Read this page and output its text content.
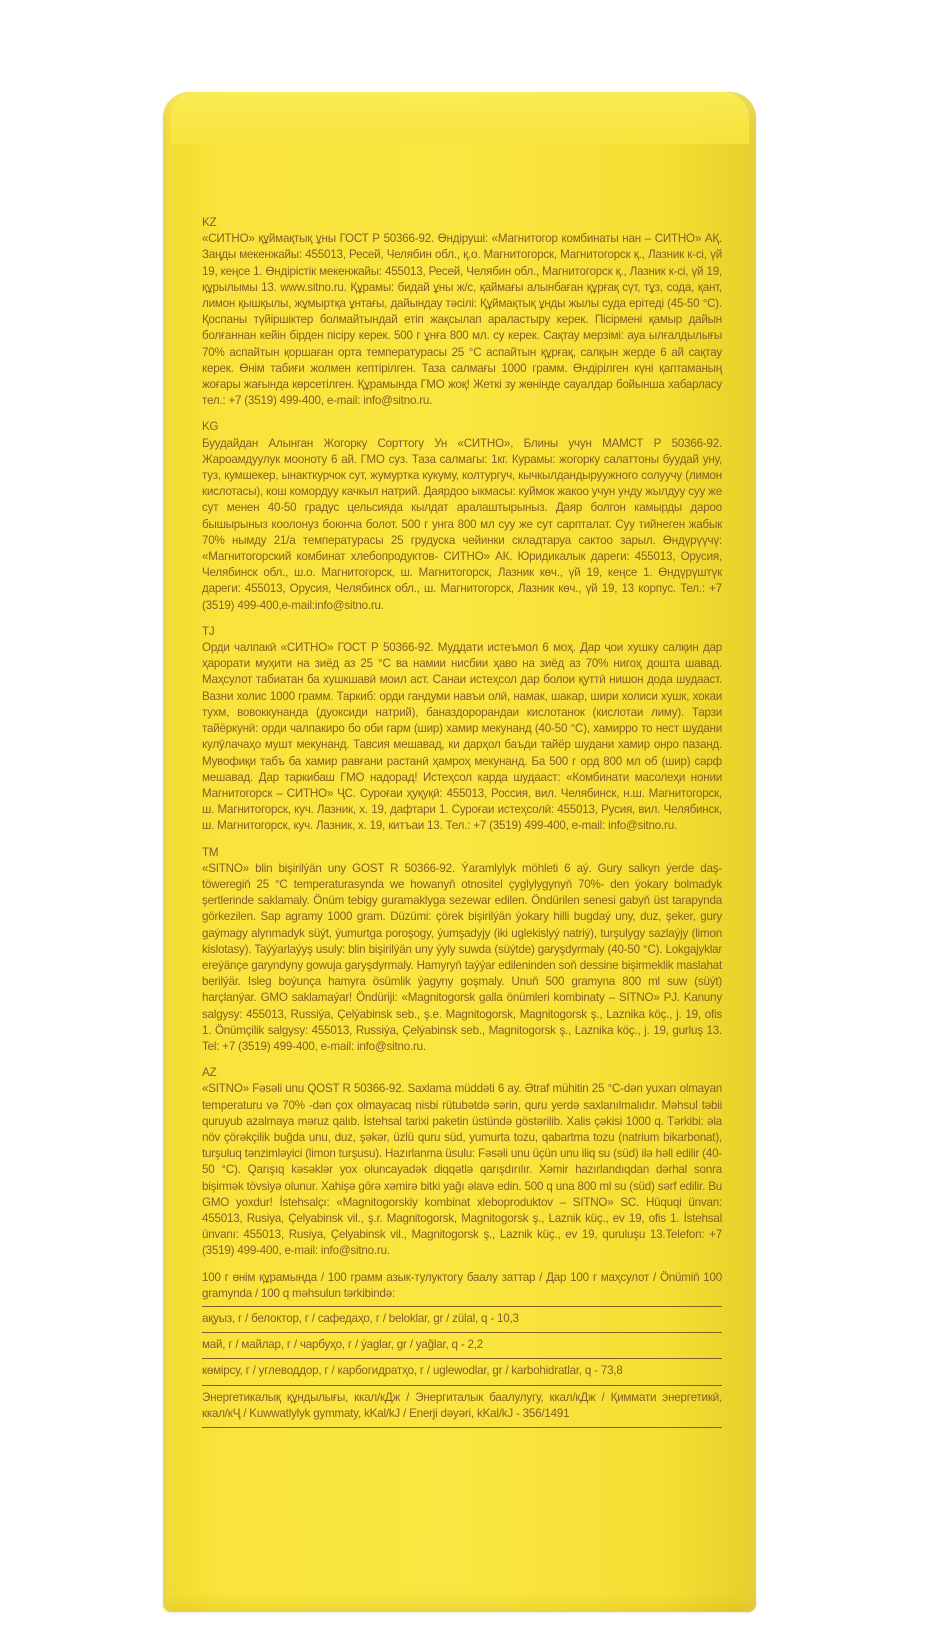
KZ
«СИТНО» құймақтық ұны ГОСТ Р 50366-92. Өндіруші: «Магнитогор комбинаты нан – СИТНО» АҚ. Заңды мекенжайы: 455013, Ресей, Челябин обл., қ.о. Магнитогорск, Магнитогорск қ., Лазник к-сі, үй 19, кеңсе 1. Өндірістік мекенжайы: 455013, Ресей, Челябин обл., Магнитогорск қ., Лазник к-сі, үй 19, құрылымы 13. www.sitno.ru. Құрамы: бидай ұны ж/с, қаймағы алынбаған құрғақ сүт, тұз, сода, қант, лимон қышқылы, жұмыртқа ұнтағы, дайындау тәсілі: Құймақтық ұнды жылы суда ерітеді (45-50 °С). Қоспаны түйіршіктер болмайтындай етіп жақсылап араластыру керек. Пісірмені қамыр дайын болғаннан кейін бірден пісіру керек. 500 г ұнға 800 мл. су керек. Сақтау мерзімі: ауа ылғалдылығы 70% аспайтын қоршаған орта температурасы 25 °С аспайтын құрғақ, салқын жерде 6 ай сақтау керек. Өнім табиғи жолмен кептірілген. Таза салмағы 1000 грамм. Өндірілген күні қаптаманың жоғары жағында көрсетілген. Құрамында ГМО жоқ! Жеткі зу жөнінде сауалдар бойынша хабарласу тел.: +7 (3519) 499-400, e-mail: info@sitno.ru.
KG
Буудайдан Алынган Жогорку Сорттогу Ун «СИТНО», Блины учун МАМСТ Р 50366-92. Жароамдуулук мооноту 6 ай. ГМО суз. Таза салмагы: 1кг. Курамы: жогорку салаттоны буудай уну, туз, кумшекер, ынакткурчок сут, жумуртка кукуму, колтургуч, кычкылдандыруужного солуучу (лимон кислотасы), кош комордуу качкыл натрий. Даярдоо ыкмасы: куймок жакоо учун унду жылдуу суу же сут менен 40-50 градус цельсияда кылдат аралаштырыныз. Даяр болгон камырды дароо бышырыныз коолонуз боюнча болот. 500 г унга 800 мл суу же сут сарпталат. Суу тийнеген жабык 70% нымду 21/а температурасы 25 грудуска чейинки складтаруа сактоо зарыл. Өндүрүүчү: «Магнитогорский комбинат хлебопродуктов- СИТНО» АК. Юридикалык дареги: 455013, Орусия, Челябинск обл., ш.о. Магнитогорск, ш. Магнитогорск, Лазник көч., үй 19, кеңсе 1. Өндүрүштүк дареги: 455013, Орусия, Челябинск обл., ш. Магнитогорск, Лазник көч., үй 19, 13 корпус. Тел.: +7 (3519) 499-400,e-mail:info@sitno.ru.
TJ
Орди чалпакӣ «СИТНО» ГОСТ Р 50366-92. Муддати истеъмол 6 моҳ. Дар ҷои хушку салқин дар ҳарорати муҳити на зиёд аз 25 °С ва намии нисбии ҳаво на зиёд аз 70% нигоҳ дошта шавад. Маҳсулот табиатан ба хушкшавӣ моил аст. Санаи истеҳсол дар болои қуттӣ нишон дода шудааст. Вазни холис 1000 грамм. Таркиб: орди гандуми навъи олӣ, намак, шакар, шири холиси хушк, хокаи тухм, вовоккунанда (дуоксиди натрий), баназдорорандаи кислотанок (кислотаи лиму). Тарзи тайёркунӣ: орди чалпакиро бо оби гарм (шир) хамир мекунанд (40-50 °С), хамирро то нест шудани кулӯлачаҳо мушт мекунанд. Тавсия мешавад, ки дарҳол баъди тайёр шудани хамир онро пазанд. Мувофиқи табъ ба хамир равғани растанӣ ҳамроҳ мекунанд. Ба 500 г орд 800 мл об (шир) сарф мешавад. Дар таркибаш ГМО надорад! Истеҳсол карда шудааст: «Комбинати масолеҳи нонии Магнитогорск – СИТНО» ҶС. Суроғаи ҳуқуқӣ: 455013, Россия, вил. Челябинск, н.ш. Магнитогорск, ш. Магнитогорск, куч. Лазник, х. 19, дафтари 1. Суроғаи истеҳсолӣ: 455013, Русия, вил. Челябинск, ш. Магнитогорск, куч. Лазник, х. 19, китъаи 13. Тел.: +7 (3519) 499-400, e-mail: info@sitno.ru.
TM
«SITNO» blin bişirilýän uny GOST R 50366-92. Ýaramlylyk möhleti 6 aý. Gury salkyn ýerde daş-töweregiň 25 °C temperaturasynda we howanyň otnositel çyglylygynyň 70%- den ýokary bolmadyk şertlerinde saklamaly. Önüm tebigy guramaklyga sezewar edilen. Öndürilen senesi gabyň üst tarapynda görkezilen. Sap agramy 1000 gram. Düzümi: çörek bişirilýän ýokary hilli bugdaý uny, duz, şeker, gury gaýmagy alynmadyk süýt, ýumurtga poroşogy, ýumşadyjy (iki uglekislyý natriý), turşulygy sazlaýjy (limon kislotasy). Taýýarlaýyş usuly: blin bişirilýän uny ýyly suwda (süýtde) garyşdyrmaly (40-50 °C). Lokgajyklar ereýänçe garyndyny gowuja garyşdyrmaly. Hamyryň taýýar edileninden soň dessine bişirmeklik maslahat berilýär. Isleg boýunça hamyra ösümlik ýagyny goşmaly. Unuň 500 gramyna 800 ml suw (süýt) harçlanýar. GMO saklamaýar! Öndüriji: «Magnitogorsk galla önümleri kombinaty – SITNO» PJ. Kanuny salgysy: 455013, Russiýa, Çelýabinsk seb., ş.e. Magnitogorsk, Magnitogorsk ş., Laznika köç., j. 19, ofis 1. Önümçilik salgysy: 455013, Russiýa, Çelýabinsk seb., Magnitogorsk ş., Laznika köç., j. 19, gurluş 13. Tel: +7 (3519) 499-400, e-mail: info@sitno.ru.
AZ
«SITNO» Fəsəli unu QOST R 50366-92. Saxlama müddəti 6 ay. Ətraf mühitin 25 °C-dən yuxarı olmayan temperaturu və 70% -dən çox olmayacaq nisbi rütubətdə sərin, quru yerdə saxlanılmalıdır. Məhsul təbii quruyub azalmaya məruz qalıb. İstehsal tarixi paketin üstündə göstərilib. Xalis çəkisi 1000 q. Tərkibi: əla növ çörəkçilik buğda unu, duz, şəkər, üzlü quru süd, yumurta tozu, qabartma tozu (natrium bikarbonat), turşuluq tənzimləyici (limon turşusu). Hazırlanma üsulu: Fəsəli unu üçün unu iliq su (süd) ilə həll edilir (40-50 °C). Qarışıq kəsəklər yox oluncayadək diqqətlə qarışdırılır. Xəmir hazırlandıqdan dərhal sonra bişirmək tövsiyə olunur. Xahişə görə xəmirə bitki yağı əlavə edin. 500 q una 800 ml su (süd) sərf edilir. Bu GMO yoxdur! İstehsalçı: «Magnitogorskiy kombinat xleboproduktov – SITNO» SC. Hüquqi ünvan: 455013, Rusiya, Çelyabinsk vil., ş.r. Magnitogorsk, Magnitogorsk ş., Laznik küç., ev 19, ofis 1. İstehsal ünvanı: 455013, Rusiya, Çelyabinsk vil., Magnitogorsk ş., Laznik küç., ev 19, quruluşu 13.Telefon: +7 (3519) 499-400, e-mail: info@sitno.ru.
100 г өнім құрамында / 100 грамм азык-тулуктогу баалу заттар / Дар 100 г маҳсулот / Önümiň 100 gramynda / 100 q məhsulun tərkibində:
ақуыз, г / белоктор, г / сафедаҳо, г / beloklar, gr / zülal, q - 10,3
май, г / майлар, г / чарбуҳо, г / ýaglar, gr / yağlar, q - 2,2
көмірсу, г / углеводдор, г / карбогидратҳо, г / uglewodlar, gr / karbohidratlar, q - 73,8
Энергетикалық құндылығы, ккал/кДж / Энергиталык баалулугу, ккал/кДж / Қиммати энергетикӣ, ккал/кҶ / Kuwwatlylyk gymmaty, kKal/kJ / Enerji dəyəri, kKal/kJ - 356/1491
